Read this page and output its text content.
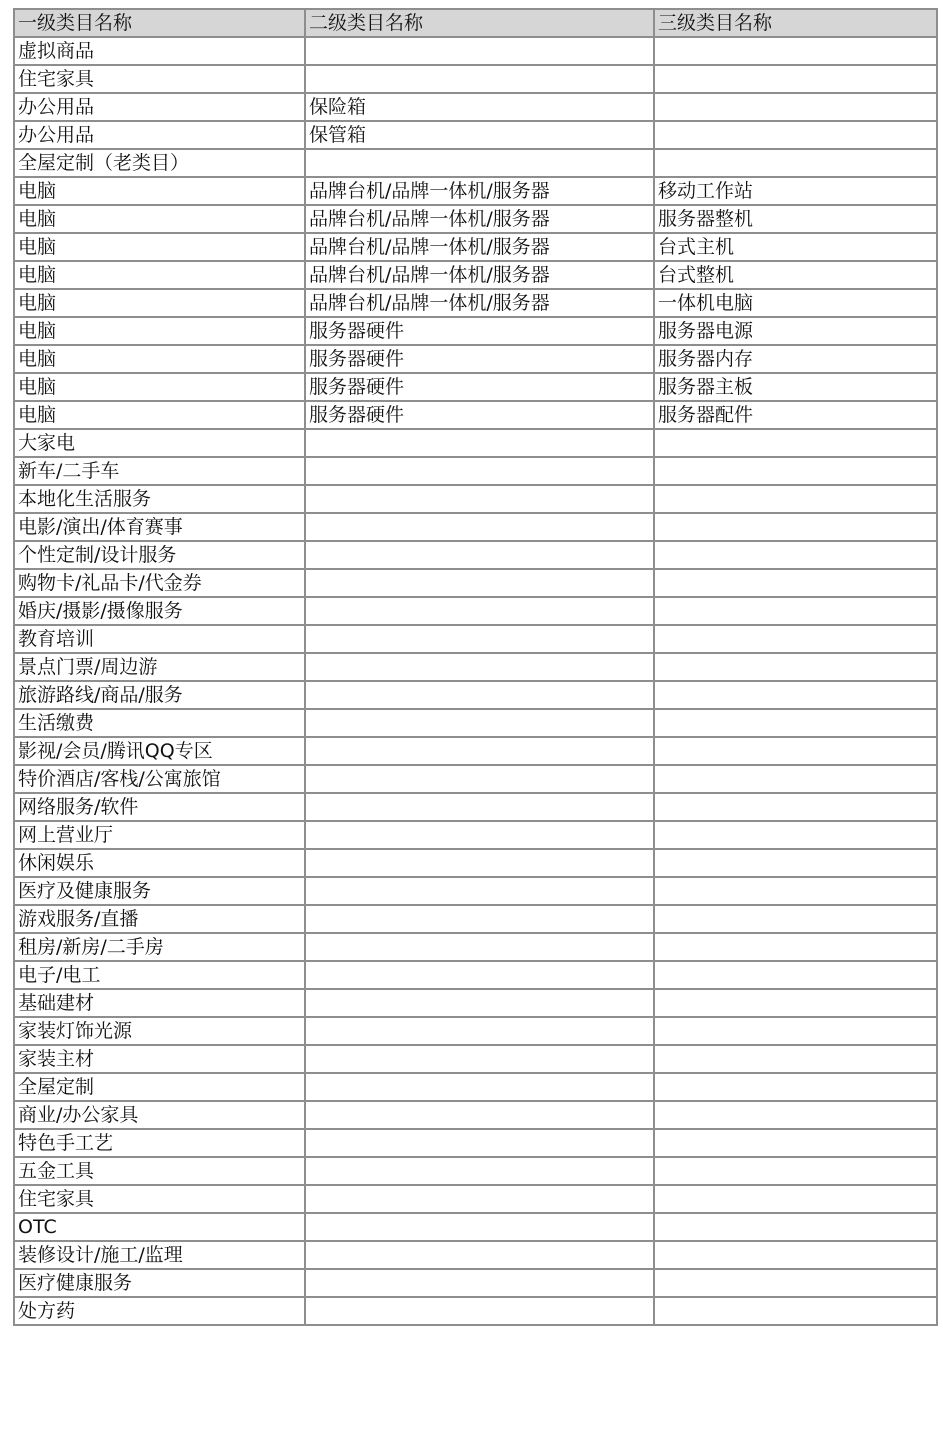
一级类目名称	二级类目名称	三级类目名称
虚拟商品		
住宅家具		
办公用品	保险箱	
办公用品	保管箱	
全屋定制（老类目）		
电脑	品牌台机/品牌一体机/服务器	移动工作站
电脑	品牌台机/品牌一体机/服务器	服务器整机
电脑	品牌台机/品牌一体机/服务器	台式主机
电脑	品牌台机/品牌一体机/服务器	台式整机
电脑	品牌台机/品牌一体机/服务器	一体机电脑
电脑	服务器硬件	服务器电源
电脑	服务器硬件	服务器内存
电脑	服务器硬件	服务器主板
电脑	服务器硬件	服务器配件
大家电		
新车/二手车		
本地化生活服务		
电影/演出/体育赛事		
个性定制/设计服务		
购物卡/礼品卡/代金券		
婚庆/摄影/摄像服务		
教育培训		
景点门票/周边游		
旅游路线/商品/服务		
生活缴费		
影视/会员/腾讯QQ专区		
特价酒店/客栈/公寓旅馆		
网络服务/软件		
网上营业厅		
休闲娱乐		
医疗及健康服务		
游戏服务/直播		
租房/新房/二手房		
电子/电工		
基础建材		
家装灯饰光源		
家装主材		
全屋定制		
商业/办公家具		
特色手工艺		
五金工具		
住宅家具		
OTC		
装修设计/施工/监理		
医疗健康服务		
处方药		
